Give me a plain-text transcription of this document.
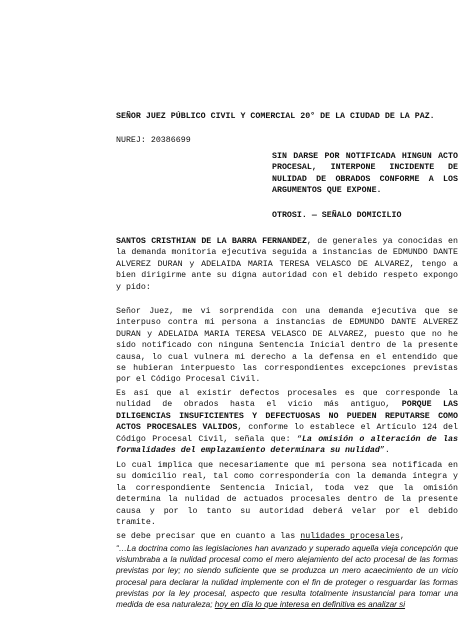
SEÑOR JUEZ PÚBLICO CIVIL Y COMERCIAL 20° DE LA CIUDAD DE LA PAZ.
NUREJ: 20386699
SIN DARSE POR NOTIFICADA HINGUN ACTO PROCESAL, INTERPONE INCIDENTE DE NULIDAD DE OBRADOS CONFORME A LOS ARGUMENTOS QUE EXPONE.
OTROSI. — SEÑALO DOMICILIO

SANTOS CRISTHIAN DE LA BARRA FERNANDEZ, de generales ya conocidas en la demanda monitoria ejecutiva seguida a instancias de EDMUNDO DANTE ALVEREZ DURAN y ADELAIDA MARIA TERESA VELASCO DE ALVAREZ, tengo a bien dirigirme ante su digna autoridad con el debido respeto expongo y pido:

Señor Juez, me vi sorprendida con una demanda ejecutiva que se interpuso contra mi persona a instancias de EDMUNDO DANTE ALVEREZ DURAN y ADELAIDA MARIA TERESA VELASCO DE ALVAREZ, puesto que no he sido notificado con ninguna Sentencia Inicial dentro de la presente causa, lo cual vulnera mi derecho a la defensa en el entendido que se hubieran interpuesto las correspondientes excepciones previstas por el Código Procesal Civil.

Es así que al existir defectos procesales es que corresponde la nulidad de obrados hasta el vicio más antiguo, PORQUE LAS DILIGENCIAS INSUFICIENTES Y DEFECTUOSAS NO PUEDEN REPUTARSE COMO ACTOS PROCESALES VALIDOS, conforme lo establece el Artículo 124 del Código Procesal Civil, señala que: “La omisión o alteración de las formalidades del emplazamiento determinara su nulidad”.

Lo cual implica que necesariamente que mi persona sea notificada en su domicilio real, tal como correspondería con la demanda íntegra y la correspondiente Sentencia Inicial, toda vez que la omisión determina la nulidad de actuados procesales dentro de la presente causa y por lo tanto su autoridad deberá velar por el debido tramite.

se debe precisar que en cuanto a las nulidades procesales,

“…La doctrina como las legislaciones han avanzado y superado aquella vieja concepción que vislumbraba a la nulidad procesal como el mero alejamiento del acto procesal de las formas previstas por ley; no siendo suficiente que se produzca un mero acaecimiento de un vicio procesal para declarar la nulidad implemente con el fin de proteger o resguardar las formas previstas por la ley procesal, aspecto que resulta totalmente insustancial para tomar una medida de esa naturaleza; hoy en día lo que interesa en definitiva es analizar si
